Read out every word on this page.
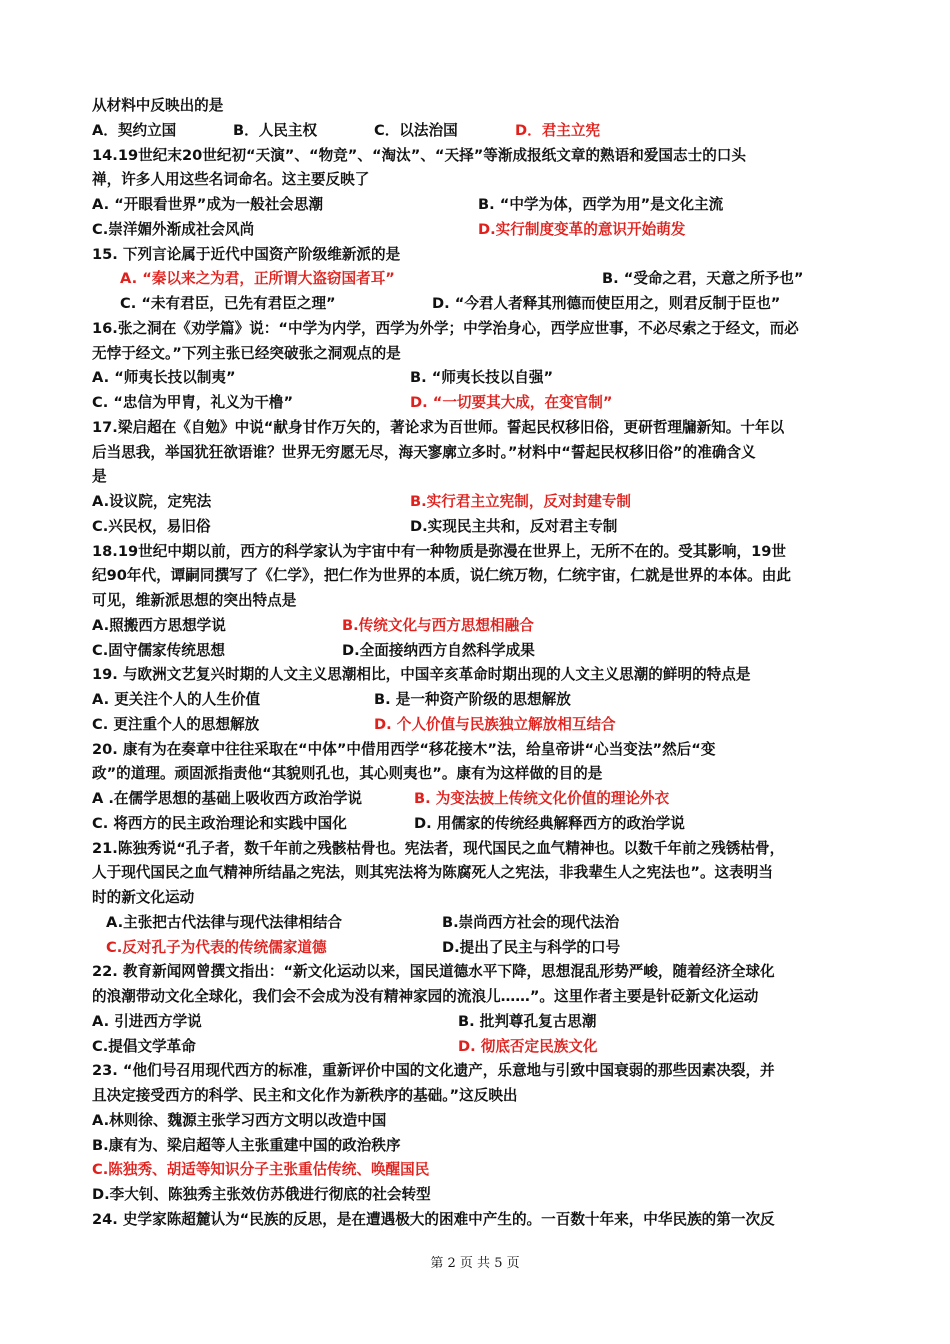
从材料中反映出的是
A．契约立国	B．人民主权	C．以法治国	D．君主立宪
14.19世纪末20世纪初“天演”、“物竞”、“淘汰”、“天择”等渐成报纸文章的熟语和爱国志士的口头
禅，许多人用这些名词命名。这主要反映了
A. “开眼看世界”成为一般社会思潮	B. “中学为体，西学为用”是文化主流
C.崇洋媚外渐成社会风尚	D.实行制度变革的意识开始萌发
15. 下列言论属于近代中国资产阶级维新派的是
A. “秦以来之为君，正所谓大盗窃国者耳”	B. “受命之君，天意之所予也”
C. “未有君臣，已先有君臣之理”	D. “今君人者释其刑德而使臣用之，则君反制于臣也”
16.张之洞在《劝学篇》说：“中学为内学，西学为外学；中学治身心，西学应世事，不必尽索之于经文，而必
无悖于经文。”下列主张已经突破张之洞观点的是
A. “师夷长技以制夷”	B. “师夷长技以自强”
C. “忠信为甲胄，礼义为干橹”	D. “一切要其大成，在变官制”
17.梁启超在《自勉》中说“献身甘作万矢的，著论求为百世师。誓起民权移旧俗，更研哲理牖新知。十年以
后当思我，举国犹狂欲语谁？世界无穷愿无尽，海天寥廓立多时。”材料中“誓起民权移旧俗”的准确含义
是
A.设议院，定宪法	B.实行君主立宪制，反对封建专制
C.兴民权，易旧俗	D.实现民主共和，反对君主专制
18.19世纪中期以前，西方的科学家认为宇宙中有一种物质是弥漫在世界上，无所不在的。受其影响，19世
纪90年代，谭嗣同撰写了《仁学》，把仁作为世界的本质，说仁统万物，仁统宇宙，仁就是世界的本体。由此
可见，维新派思想的突出特点是
A.照搬西方思想学说	B.传统文化与西方思想相融合
C.固守儒家传统思想	D.全面接纳西方自然科学成果
19. 与欧洲文艺复兴时期的人文主义思潮相比，中国辛亥革命时期出现的人文主义思潮的鲜明的特点是
A. 更关注个人的人生价值	B. 是一种资产阶级的思想解放
C. 更注重个人的思想解放	D. 个人价值与民族独立解放相互结合
20. 康有为在奏章中往往采取在“中体”中借用西学“移花接木”法，给皇帝讲“心当变法”然后“变
政”的道理。顽固派指责他“其貌则孔也，其心则夷也”。康有为这样做的目的是
A .在儒学思想的基础上吸收西方政治学说	B. 为变法披上传统文化价值的理论外衣
C. 将西方的民主政治理论和实践中国化	D. 用儒家的传统经典解释西方的政治学说
21.陈独秀说“孔子者，数千年前之残骸枯骨也。宪法者，现代国民之血气精神也。以数千年前之残锈枯骨，
人于现代国民之血气精神所结晶之宪法，则其宪法将为陈腐死人之宪法，非我辈生人之宪法也”。这表明当
时的新文化运动
A.主张把古代法律与现代法律相结合	B.崇尚西方社会的现代法治
C.反对孔子为代表的传统儒家道德	D.提出了民主与科学的口号
22. 教育新闻网曾撰文指出：“新文化运动以来，国民道德水平下降，思想混乱形势严峻，随着经济全球化
的浪潮带动文化全球化，我们会不会成为没有精神家园的流浪儿……”。这里作者主要是针砭新文化运动
A. 引进西方学说	B. 批判尊孔复古思潮
C.提倡文学革命	D. 彻底否定民族文化
23. “他们号召用现代西方的标准，重新评价中国的文化遗产，乐意地与引致中国衰弱的那些因素决裂，并
且决定接受西方的科学、民主和文化作为新秩序的基础。”这反映出
A.林则徐、魏源主张学习西方文明以改造中国
B.康有为、梁启超等人主张重建中国的政治秩序
C.陈独秀、胡适等知识分子主张重估传统、唤醒国民
D.李大钊、陈独秀主张效仿苏俄进行彻底的社会转型
24. 史学家陈超麓认为“民族的反思，是在遭遇极大的困难中产生的。一百数十年来，中华民族的第一次反
第 2 页 共 5 页
